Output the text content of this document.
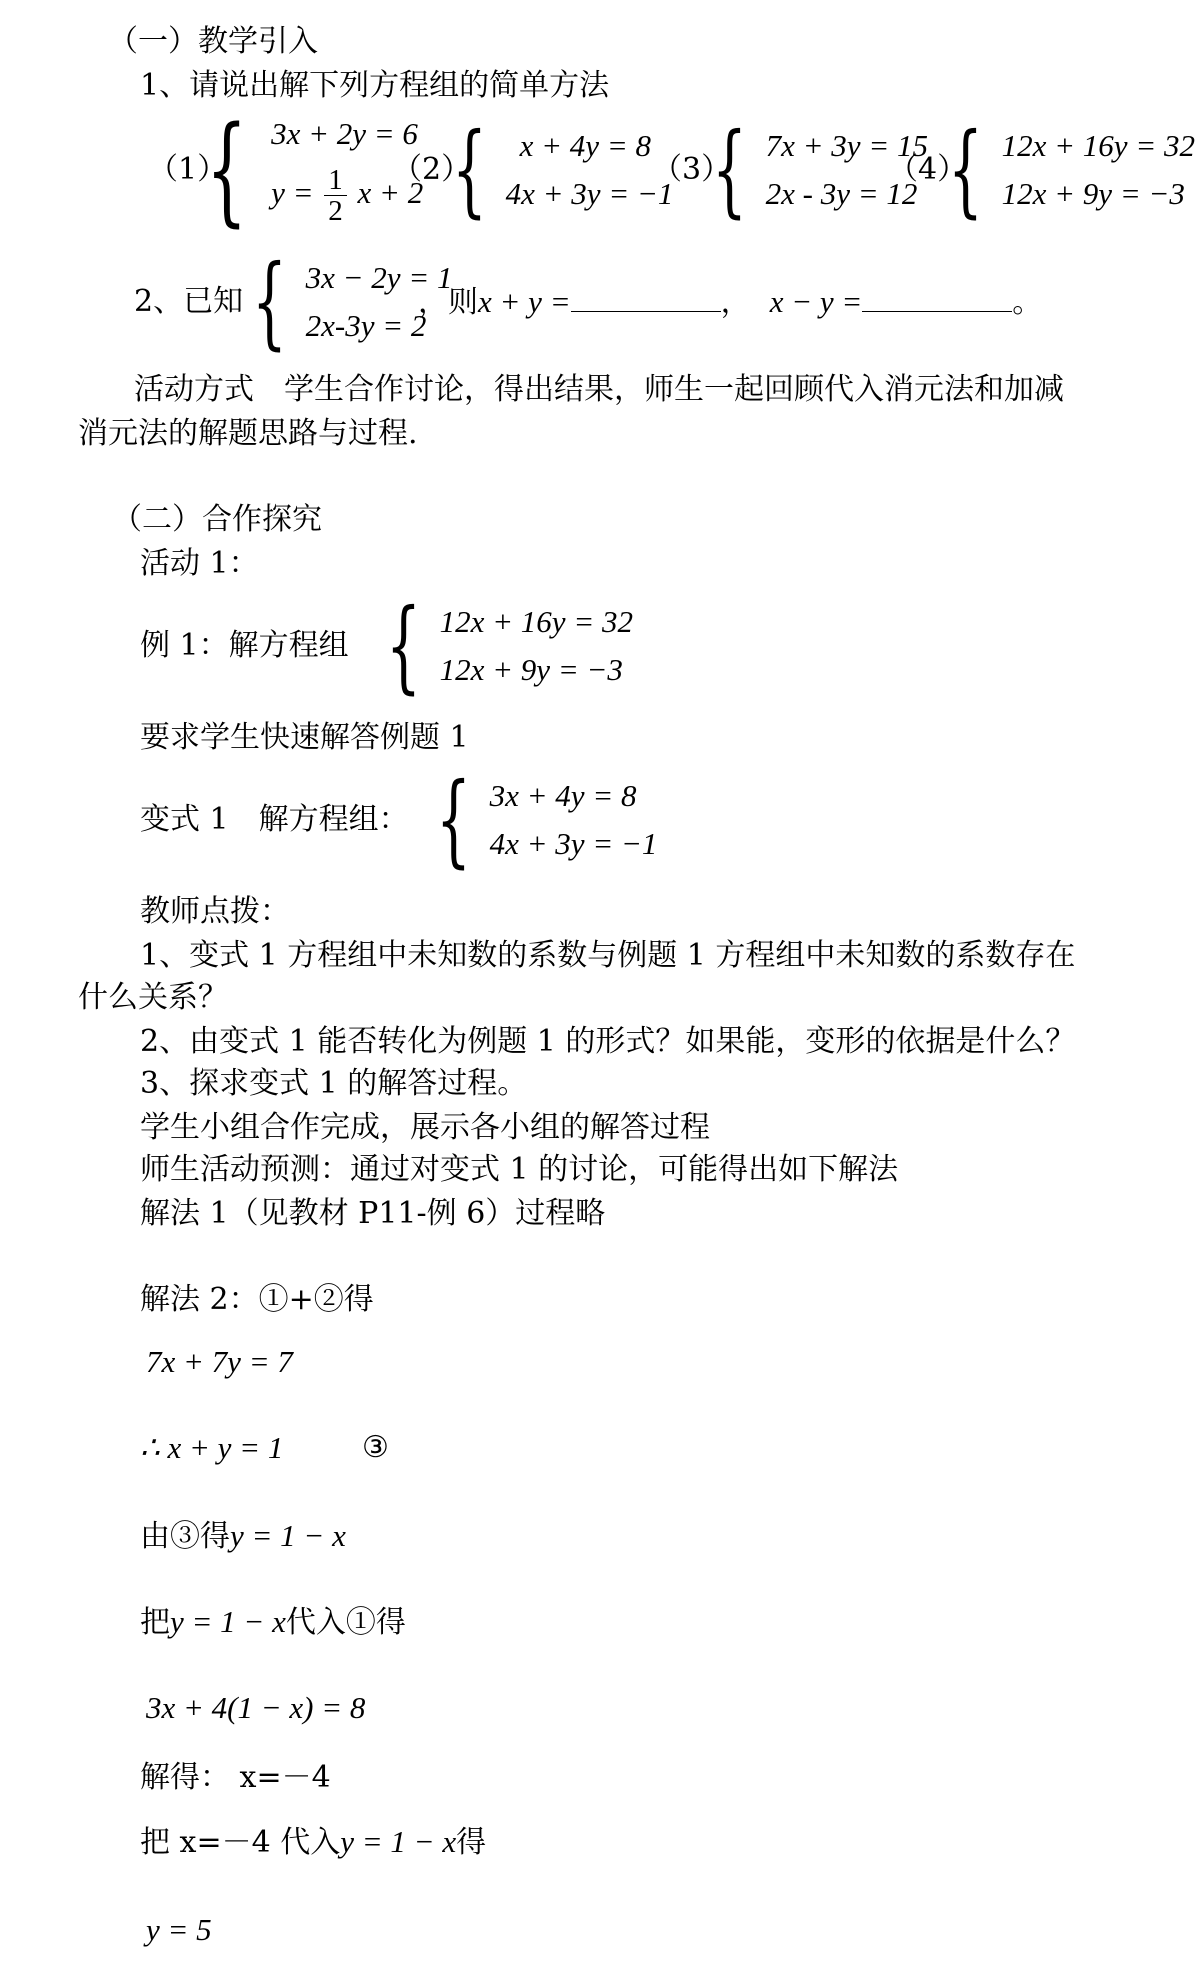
（一）教学引入
1、请说出解下列方程组的简单方法
（1）
{ 3x + 2y = 6
$y = \frac{1}{2}$ x + 2
（2）
{	x + 4y = 8
4x + 3y = −1
（3）
{ 7x + 3y = 15
2x - 3y = 12
（4）
{ 12x + 16y = 32
12x + 9y = −3
2、已知 { 3x − 2y = 1
2x-3y = 2
，则x + y =	， x − y =	。
活动方式　学生合作讨论，得出结果，师生一起回顾代入消元法和加减
消元法的解题思路与过程.
（二）合作探究
活动 1：
例 1：解方程组 { 12x + 16y = 32
12x + 9y = −3
要求学生快速解答例题 1
变式 1　解方程组： { 3x + 4y = 8
4x + 3y = −1
教师点拨：
1、变式 1 方程组中未知数的系数与例题 1 方程组中未知数的系数存在
什么关系？
2、由变式 1 能否转化为例题 1 的形式？如果能，变形的依据是什么？
3、探求变式 1 的解答过程。
学生小组合作完成，展示各小组的解答过程
师生活动预测：通过对变式 1 的讨论，可能得出如下解法
解法 1（见教材 P11-例 6）过程略
解法 2：①+②得
7x + 7y = 7
∴ x + y = 1	③
由③得y = 1 − x
把y = 1 − x代入①得
3x + 4(1 − x) = 8
解得： x=－4
把 x=－4 代入y = 1 − x得
y = 5
